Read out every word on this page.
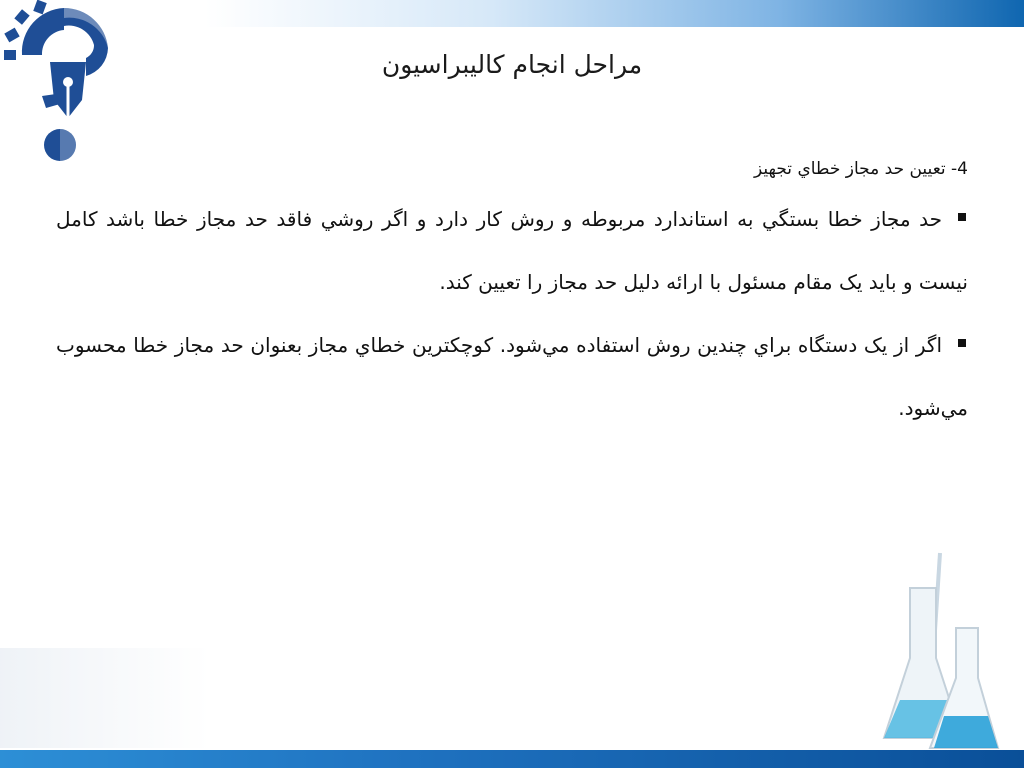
مراحل انجام کاليبراسيون

4- تعيين حد مجاز خطاي تجهيز

حد مجاز خطا بستگي به استاندارد مربوطه و روش کار دارد و اگر روشي فاقد حد مجاز خطا باشد کامل نيست و بايد يک مقام مسئول با ارائه دليل حد مجاز را تعيين کند.

اگر از يک دستگاه براي چندين روش استفاده مي‌شود. کوچکترين خطاي مجاز بعنوان حد مجاز خطا محسوب مي‌شود.
